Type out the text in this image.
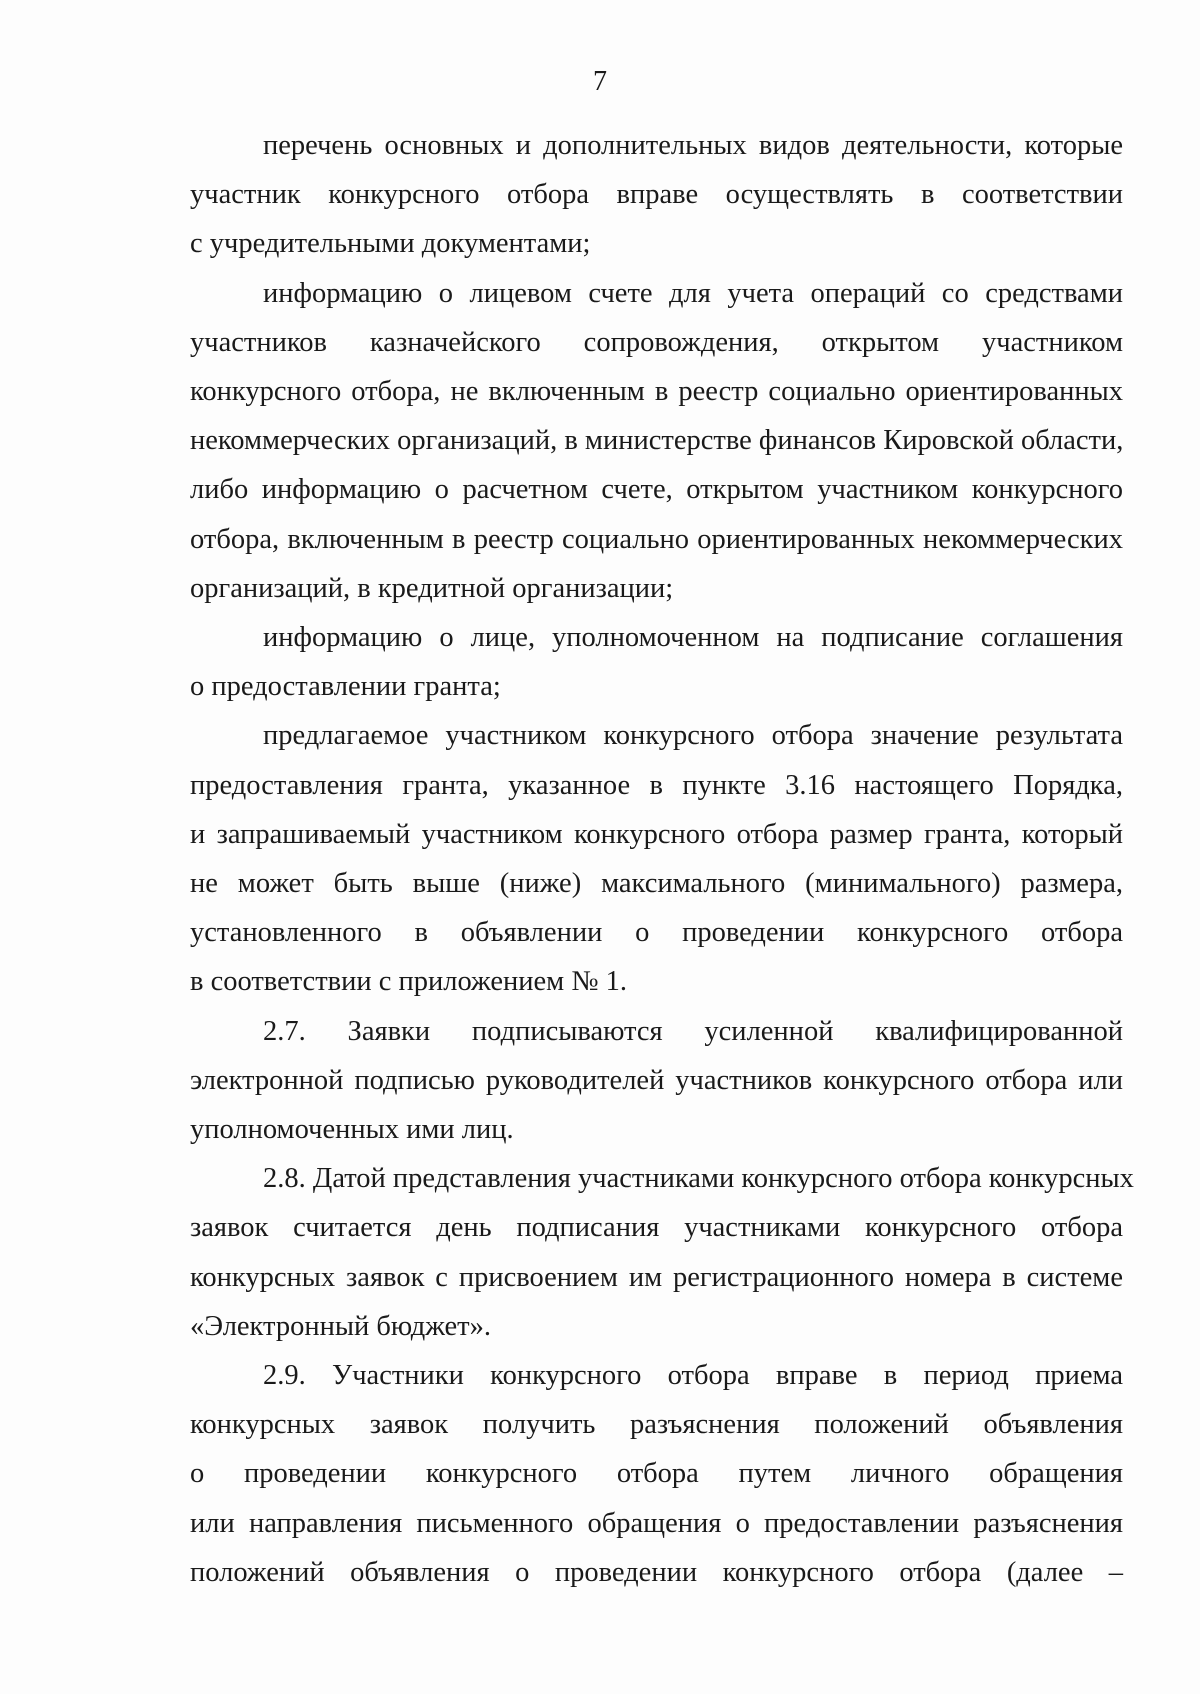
7
перечень основных и дополнительных видов деятельности, которые
участник конкурсного отбора вправе осуществлять в соответствии
с учредительными документами;
информацию о лицевом счете для учета операций со средствами
участников казначейского сопровождения, открытом участником
конкурсного отбора, не включенным в реестр социально ориентированных
некоммерческих организаций, в министерстве финансов Кировской области,
либо информацию о расчетном счете, открытом участником конкурсного
отбора, включенным в реестр социально ориентированных некоммерческих
организаций, в кредитной организации;
информацию о лице, уполномоченном на подписание соглашения
о предоставлении гранта;
предлагаемое участником конкурсного отбора значение результата
предоставления гранта, указанное в пункте 3.16 настоящего Порядка,
и запрашиваемый участником конкурсного отбора размер гранта, который
не может быть выше (ниже) максимального (минимального) размера,
установленного в объявлении о проведении конкурсного отбора
в соответствии с приложением № 1.
2.7. Заявки подписываются усиленной квалифицированной
электронной подписью руководителей участников конкурсного отбора или
уполномоченных ими лиц.
2.8. Датой представления участниками конкурсного отбора конкурсных
заявок считается день подписания участниками конкурсного отбора
конкурсных заявок с присвоением им регистрационного номера в системе
«Электронный бюджет».
2.9. Участники конкурсного отбора вправе в период приема
конкурсных заявок получить разъяснения положений объявления
о проведении конкурсного отбора путем личного обращения
или направления письменного обращения о предоставлении разъяснения
положений объявления о проведении конкурсного отбора (далее –
